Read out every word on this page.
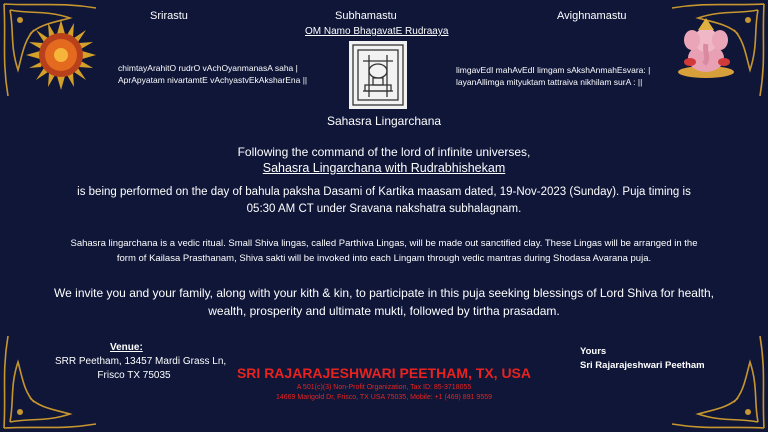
Srirastu	Subhamastu	Avighnamastu
OM Namo BhagavatE Rudraaya
chimtayArahitO rudrO vAchOyanmanasA saha |
AprApyatam nivartamtE vAchyastvEkAksharEna ||
limgavEdI mahAvEdI limgam sAkshAnmahEsvara: |
layanAllimga mityuktam tattraiva nikhilam surA : ||
Sahasra Lingarchana
Following the command of the lord of infinite universes,
Sahasra Lingarchana with Rudrabhishekam
is being performed on the day of bahula paksha Dasami of Kartika maasam dated, 19-Nov-2023 (Sunday). Puja timing is
05:30 AM CT under Sravana nakshatra subhalagnam.
Sahasra lingarchana is a vedic ritual. Small Shiva lingas, called Parthiva Lingas, will be made out sanctified clay. These Lingas will be arranged in the
form of Kailasa Prasthanam, Shiva sakti will be invoked into each Lingam through vedic mantras during Shodasa Avarana puja.
We invite you and your family, along with your kith & kin, to participate in this puja seeking blessings of Lord Shiva for health,
wealth, prosperity and ultimate mukti, followed by tirtha prasadam.
Venue:
SRR Peetham, 13457 Mardi Grass Ln,
Frisco TX 75035	SRI RAJARAJESHWARI PEETHAM, TX, USA
A 501(c)(3) Non-Profit Organization, Tax ID: 85-3718055
14669 Marigold Dr, Frisco, TX USA 75035, Mobile: +1 (469) 891 9559
Yours
Sri Rajarajeshwari Peetham
